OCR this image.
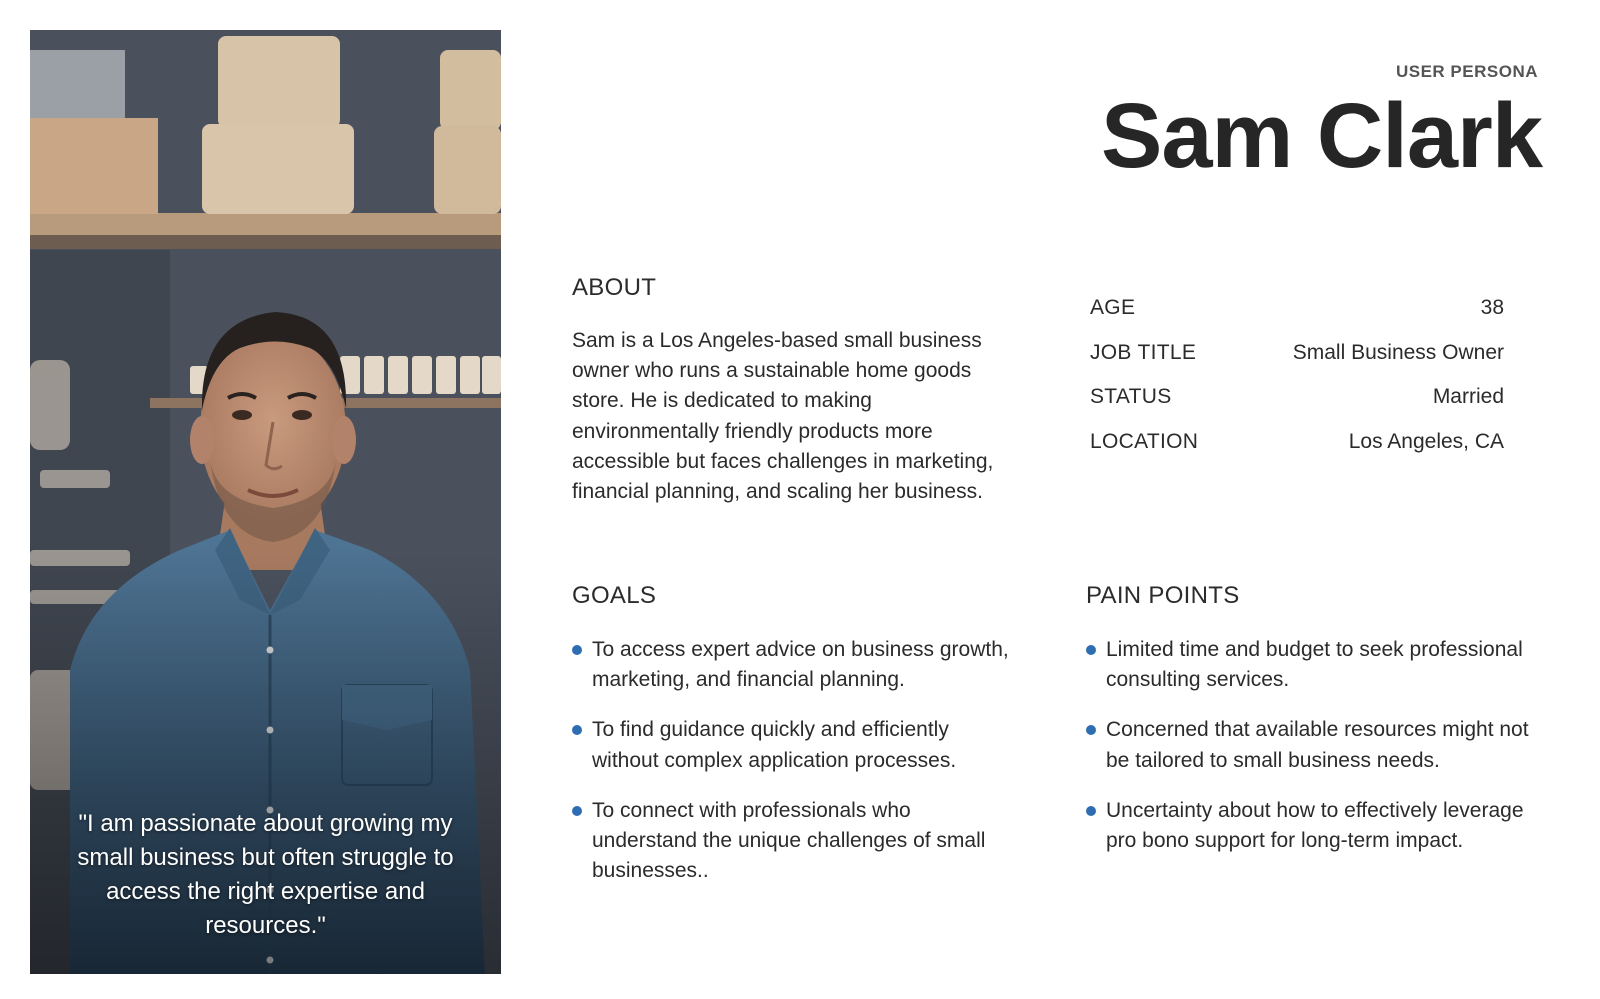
"I am passionate about growing my small business but often struggle to access the right expertise and resources."
USER PERSONA
Sam Clark
ABOUT

Sam is a Los Angeles-based small business owner who runs a sustainable home goods store. He is dedicated to making environmentally friendly products more accessible but faces challenges in marketing, financial planning, and scaling her business.

AGE	38
JOB TITLE	Small Business Owner
STATUS	Married
LOCATION	Los Angeles, CA
GOALS
To access expert advice on business growth, marketing, and financial planning.
To find guidance quickly and efficiently without complex application processes.
To connect with professionals who understand the unique challenges of small businesses..
PAIN POINTS
Limited time and budget to seek professional consulting services.
Concerned that available resources might not be tailored to small business needs.
Uncertainty about how to effectively leverage pro bono support for long-term impact.
